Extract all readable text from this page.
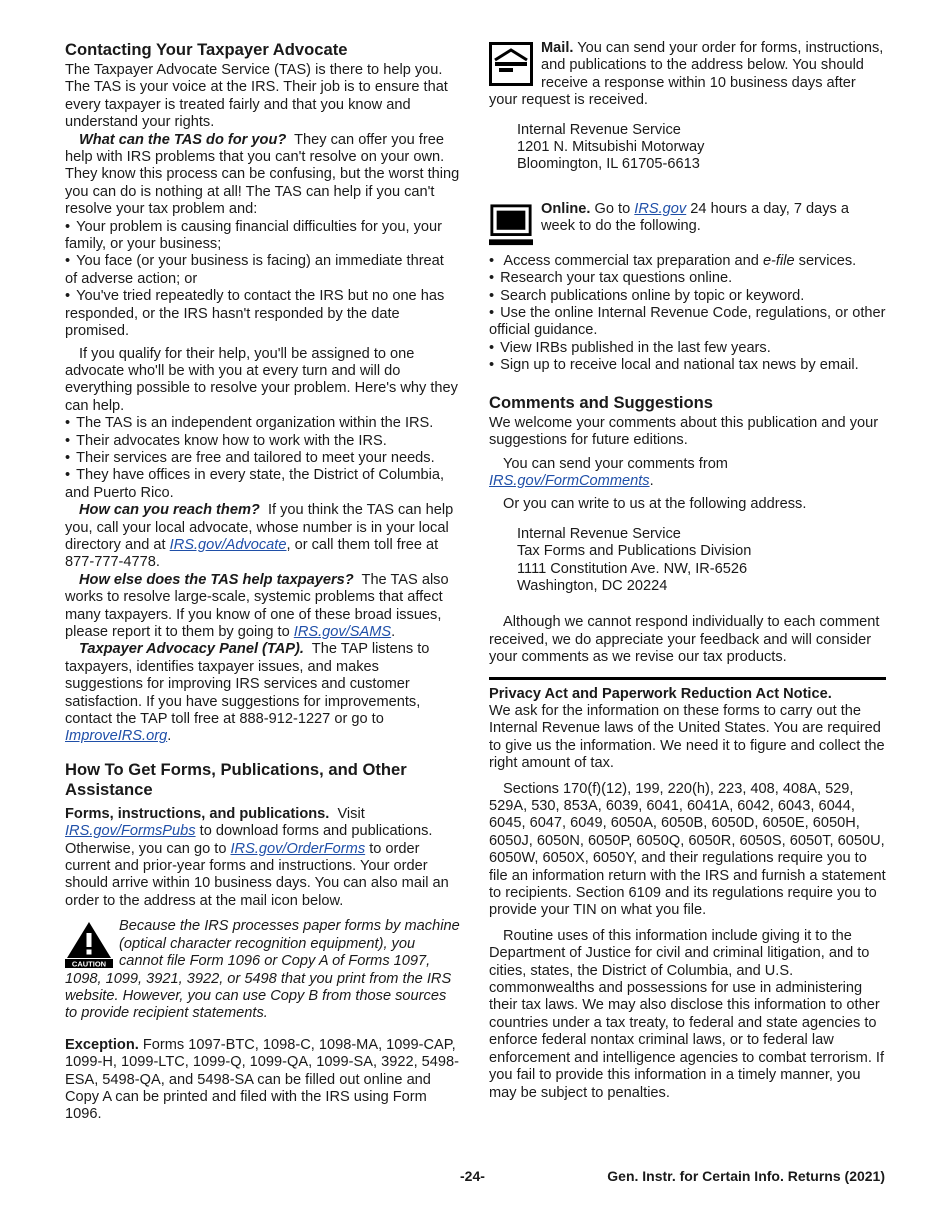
Contacting Your Taxpayer Advocate

The Taxpayer Advocate Service (TAS) is there to help you. The TAS is your voice at the IRS. Their job is to ensure that every taxpayer is treated fairly and that you know and understand your rights.

What can the TAS do for you? They can offer you free help with IRS problems that you can't resolve on your own. They know this process can be confusing, but the worst thing you can do is nothing at all! The TAS can help if you can't resolve your tax problem and:

• Your problem is causing financial difficulties for you, your family, or your business;

• You face (or your business is facing) an immediate threat of adverse action; or

• You've tried repeatedly to contact the IRS but no one has responded, or the IRS hasn't responded by the date promised.

If you qualify for their help, you'll be assigned to one advocate who'll be with you at every turn and will do everything possible to resolve your problem. Here's why they can help.

• The TAS is an independent organization within the IRS.

• Their advocates know how to work with the IRS.

• Their services are free and tailored to meet your needs.

• They have offices in every state, the District of Columbia, and Puerto Rico.

How can you reach them? If you think the TAS can help you, call your local advocate, whose number is in your local directory and at IRS.gov/Advocate, or call them toll free at 877-777-4778.

How else does the TAS help taxpayers? The TAS also works to resolve large-scale, systemic problems that affect many taxpayers. If you know of one of these broad issues, please report it to them by going to IRS.gov/SAMS.

Taxpayer Advocacy Panel (TAP). The TAP listens to taxpayers, identifies taxpayer issues, and makes suggestions for improving IRS services and customer satisfaction. If you have suggestions for improvements, contact the TAP toll free at 888-912-1227 or go to ImproveIRS.org.

How To Get Forms, Publications, and Other Assistance

Forms, instructions, and publications. Visit IRS.gov/FormsPubs to download forms and publications. Otherwise, you can go to IRS.gov/OrderForms to order current and prior-year forms and instructions. Your order should arrive within 10 business days. You can also mail an order to the address at the mail icon below.

CAUTION

Because the IRS processes paper forms by machine (optical character recognition equipment), you cannot file Form 1096 or Copy A of Forms 1097, 1098, 1099, 3921, 3922, or 5498 that you print from the IRS website. However, you can use Copy B from those sources to provide recipient statements.

Exception. Forms 1097-BTC, 1098-C, 1098-MA, 1099-CAP, 1099-H, 1099-LTC, 1099-Q, 1099-QA, 1099-SA, 3922, 5498-ESA, 5498-QA, and 5498-SA can be filled out online and Copy A can be printed and filed with the IRS using Form 1096.

Mail. You can send your order for forms, instructions, and publications to the address below. You should receive a response within 10 business days after your request is received.

Internal Revenue Service

1201 N. Mitsubishi Motorway

Bloomington, IL 61705-6613

Online. Go to IRS.gov 24 hours a day, 7 days a week to do the following.

• Access commercial tax preparation and e-file services.

• Research your tax questions online.

• Search publications online by topic or keyword.

• Use the online Internal Revenue Code, regulations, or other official guidance.

• View IRBs published in the last few years.

• Sign up to receive local and national tax news by email.

Comments and Suggestions

We welcome your comments about this publication and your suggestions for future editions.

You can send your comments from IRS.gov/FormComments.

Or you can write to us at the following address.

Internal Revenue Service

Tax Forms and Publications Division

1111 Constitution Ave. NW, IR-6526

Washington, DC 20224

Although we cannot respond individually to each comment received, we do appreciate your feedback and will consider your comments as we revise our tax products.

Privacy Act and Paperwork Reduction Act Notice.

We ask for the information on these forms to carry out the Internal Revenue laws of the United States. You are required to give us the information. We need it to figure and collect the right amount of tax.

Sections 170(f)(12), 199, 220(h), 223, 408, 408A, 529, 529A, 530, 853A, 6039, 6041, 6041A, 6042, 6043, 6044, 6045, 6047, 6049, 6050A, 6050B, 6050D, 6050E, 6050H, 6050J, 6050N, 6050P, 6050Q, 6050R, 6050S, 6050T, 6050U, 6050W, 6050X, 6050Y, and their regulations require you to file an information return with the IRS and furnish a statement to recipients. Section 6109 and its regulations require you to provide your TIN on what you file.

Routine uses of this information include giving it to the Department of Justice for civil and criminal litigation, and to cities, states, the District of Columbia, and U.S. commonwealths and possessions for use in administering their tax laws. We may also disclose this information to other countries under a tax treaty, to federal and state agencies to enforce federal nontax criminal laws, or to federal law enforcement and intelligence agencies to combat terrorism. If you fail to provide this information in a timely manner, you may be subject to penalties.

-24-	Gen. Instr. for Certain Info. Returns (2021)
